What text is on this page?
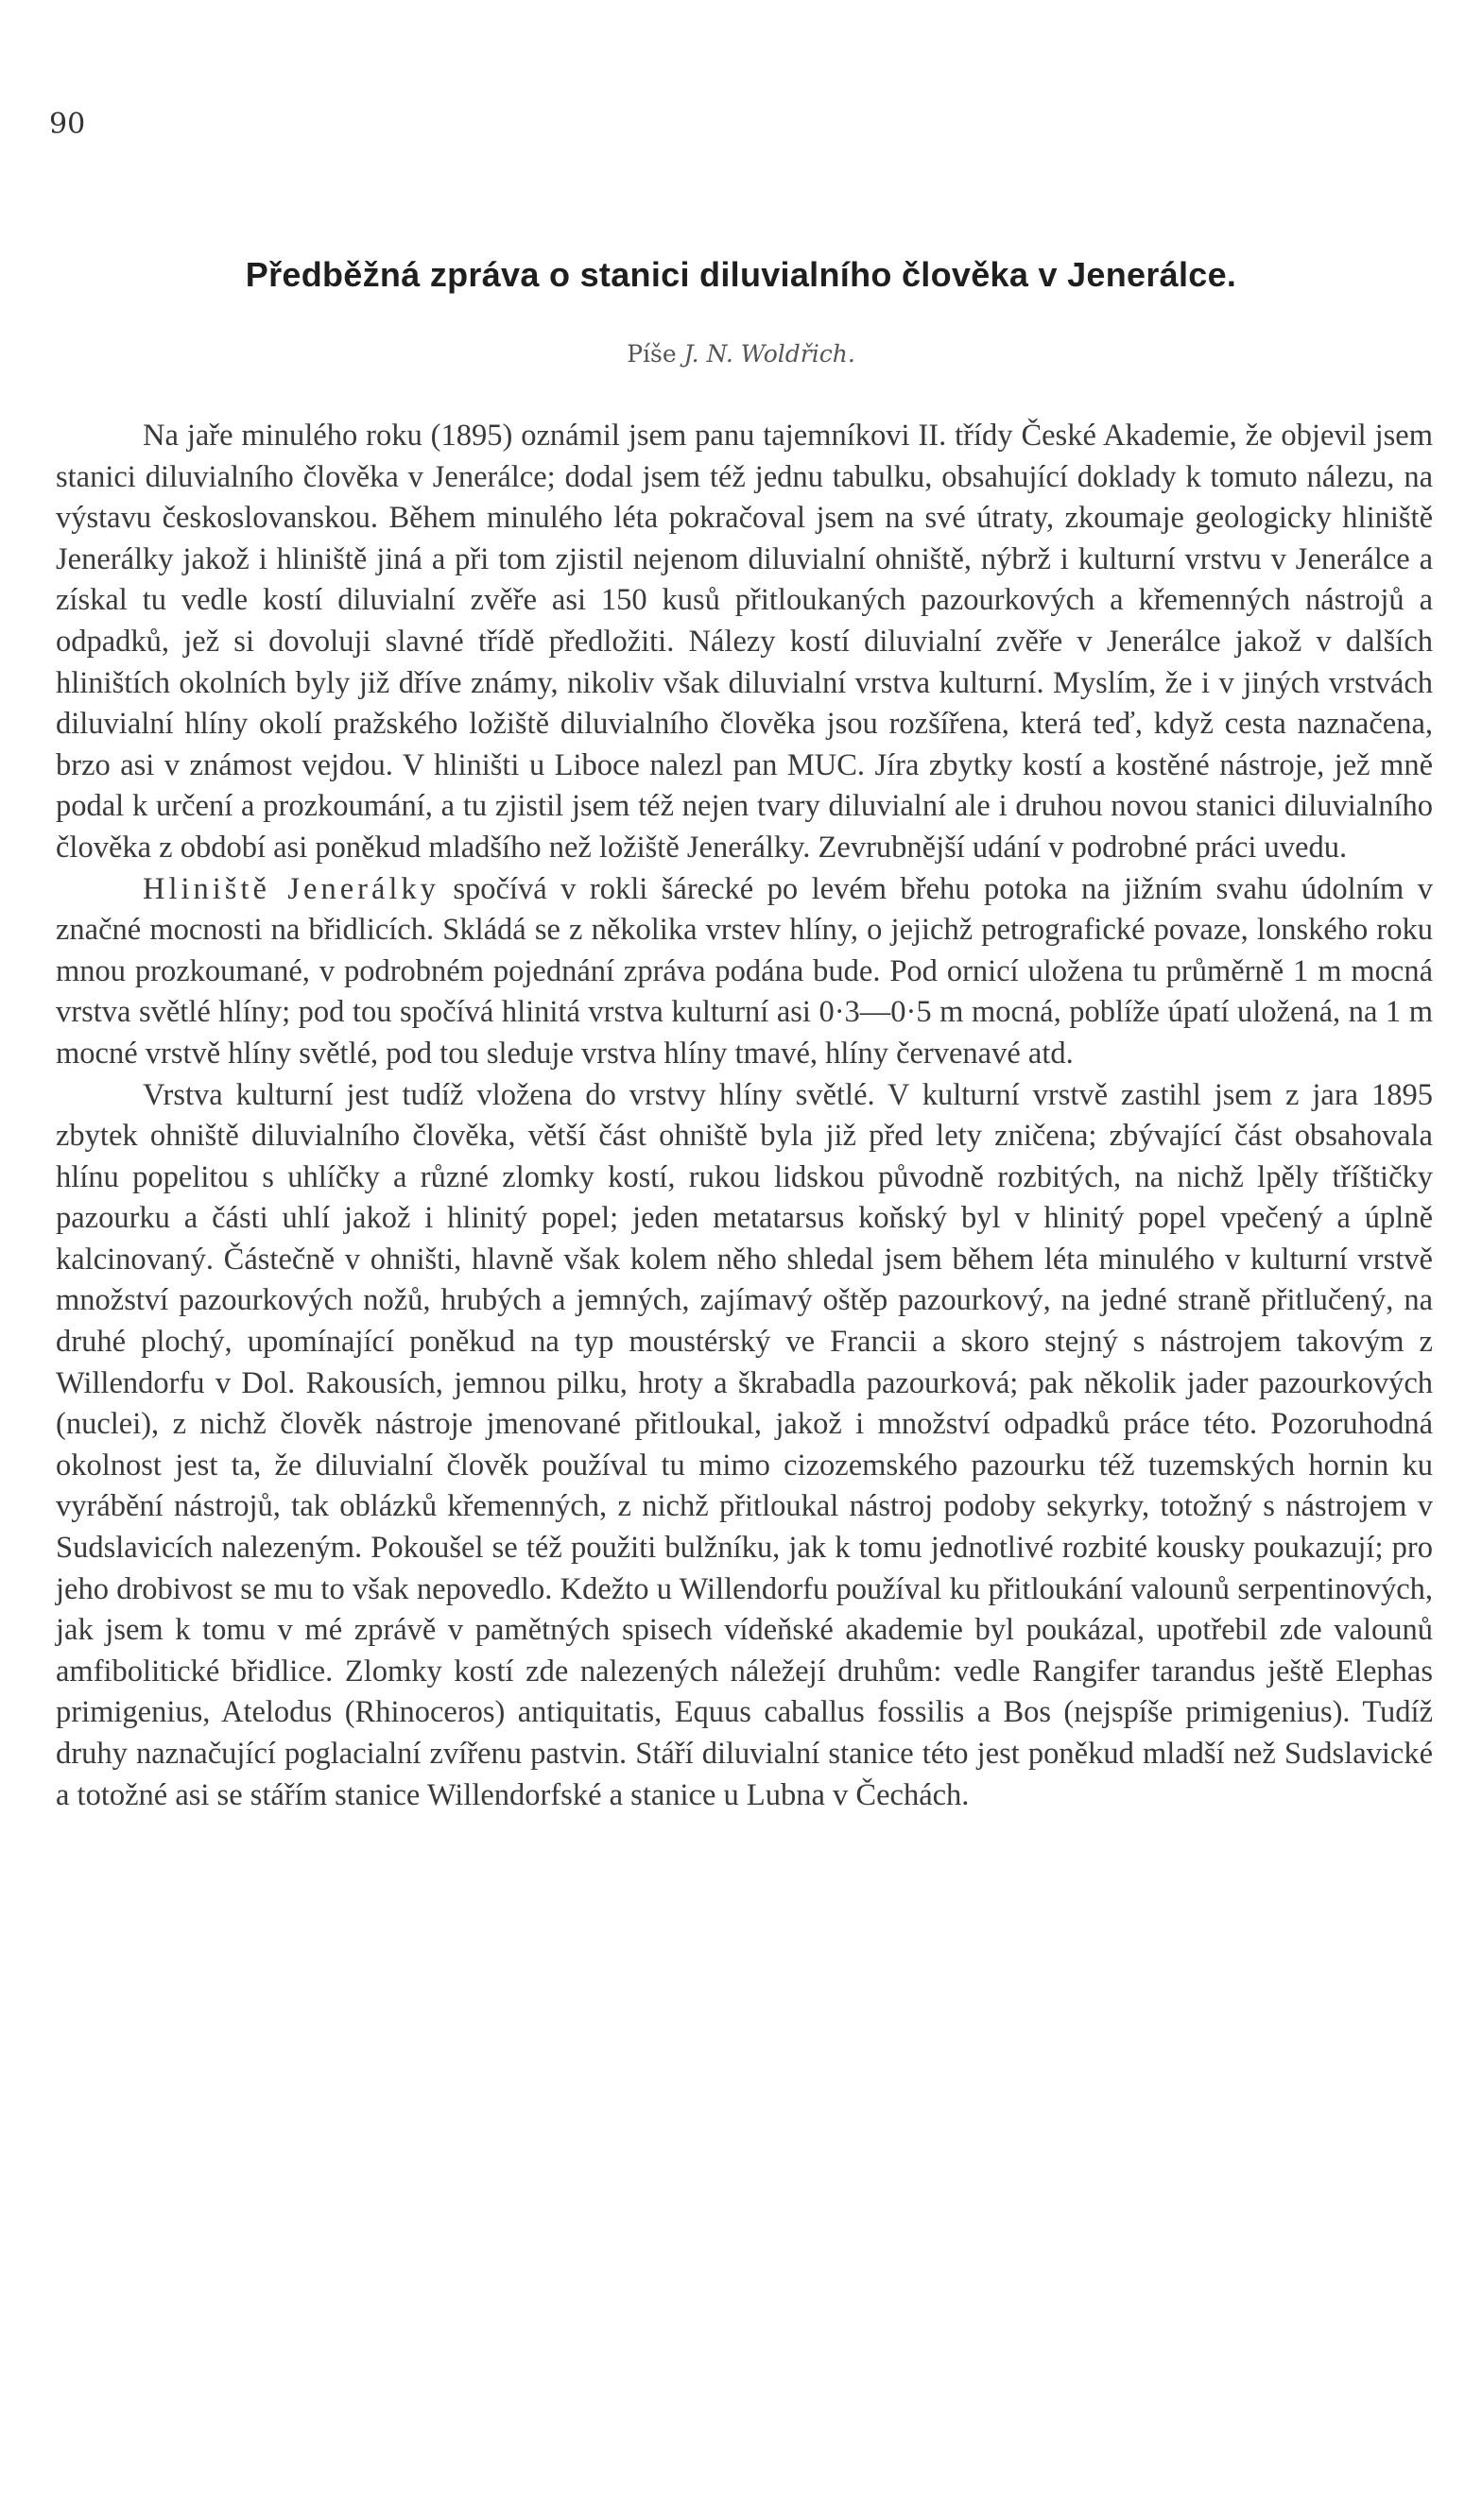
90
Předběžná zpráva o stanici diluvialního člověka v Jenerálce.
Píše J. N. Woldřich.

Na jaře minulého roku (1895) oznámil jsem panu tajemníkovi II. třídy České Akademie, že objevil jsem stanici diluvialního člověka v Jenerálce; dodal jsem též jednu tabulku, obsahující doklady k tomuto nálezu, na výstavu českoslovanskou. Během minulého léta pokračoval jsem na své útraty, zkoumaje geologicky hliniště Jenerálky jakož i hliniště jiná a při tom zjistil nejenom diluvialní ohniště, nýbrž i kulturní vrstvu v Jenerálce a získal tu vedle kostí diluvialní zvěře asi 150 kusů přitloukaných pazourkových a křemenných nástrojů a odpadků, jež si dovoluji slavné třídě předložiti. Nálezy kostí diluvialní zvěře v Jenerálce jakož v dalších hliništích okolních byly již dříve známy, nikoliv však diluvialní vrstva kulturní. Myslím, že i v jiných vrstvách diluvialní hlíny okolí pražského ložiště diluvialního člověka jsou rozšířena, která teď, když cesta naznačena, brzo asi v známost vejdou. V hliništi u Liboce nalezl pan MUC. Jíra zbytky kostí a kostěné nástroje, jež mně podal k určení a prozkoumání, a tu zjistil jsem též nejen tvary diluvialní ale i druhou novou stanici diluvialního člověka z období asi poněkud mladšího než ložiště Jenerálky. Zevrubnější udání v podrobné práci uvedu.

Hliniště Jenerálky spočívá v rokli šárecké po levém břehu potoka na jižním svahu údolním v značné mocnosti na břidlicích. Skládá se z několika vrstev hlíny, o jejichž petrografické povaze, lonského roku mnou prozkoumané, v podrobném pojednání zpráva podána bude. Pod ornicí uložena tu průměrně 1 m mocná vrstva světlé hlíny; pod tou spočívá hlinitá vrstva kulturní asi 0·3—0·5 m mocná, poblíže úpatí uložená, na 1 m mocné vrstvě hlíny světlé, pod tou sleduje vrstva hlíny tmavé, hlíny červenavé atd.

Vrstva kulturní jest tudíž vložena do vrstvy hlíny světlé. V kulturní vrstvě zastihl jsem z jara 1895 zbytek ohniště diluvialního člověka, větší část ohniště byla již před lety zničena; zbývající část obsahovala hlínu popelitou s uhlíčky a různé zlomky kostí, rukou lidskou původně rozbitých, na nichž lpěly tříštičky pazourku a části uhlí jakož i hlinitý popel; jeden metatarsus koňský byl v hlinitý popel vpečený a úplně kalcinovaný. Částečně v ohništi, hlavně však kolem něho shledal jsem během léta minulého v kulturní vrstvě množství pazourkových nožů, hrubých a jemných, zajímavý oštěp pazourkový, na jedné straně přitlučený, na druhé plochý, upomínající poněkud na typ moustérský ve Francii a skoro stejný s nástrojem takovým z Willendorfu v Dol. Rakousích, jemnou pilku, hroty a škrabadla pazourková; pak několik jader pazourkových (nuclei), z nichž člověk nástroje jmenované přitloukal, jakož i množství odpadků práce této. Pozoruhodná okolnost jest ta, že diluvialní člověk používal tu mimo cizozemského pazourku též tuzemských hornin ku vyrábění nástrojů, tak oblázků křemenných, z nichž přitloukal nástroj podoby sekyrky, totožný s nástrojem v Sudslavicích nalezeným. Pokoušel se též použiti bulžníku, jak k tomu jednotlivé rozbité kousky poukazují; pro jeho drobivost se mu to však nepovedlo. Kdežto u Willendorfu používal ku přitloukání valounů serpentinových, jak jsem k tomu v mé zprávě v pamětných spisech vídeňské akademie byl poukázal, upotřebil zde valounů amfibolitické břidlice. Zlomky kostí zde nalezených náležejí druhům: vedle Rangifer tarandus ještě Elephas primigenius, Atelodus (Rhinoceros) antiquitatis, Equus caballus fossilis a Bos (nejspíše primigenius). Tudíž druhy naznačující poglacialní zvířenu pastvin. Stáří diluvialní stanice této jest poněkud mladší než Sudslavické a totožné asi se stářím stanice Willendorfské a stanice u Lubna v Čechách.
